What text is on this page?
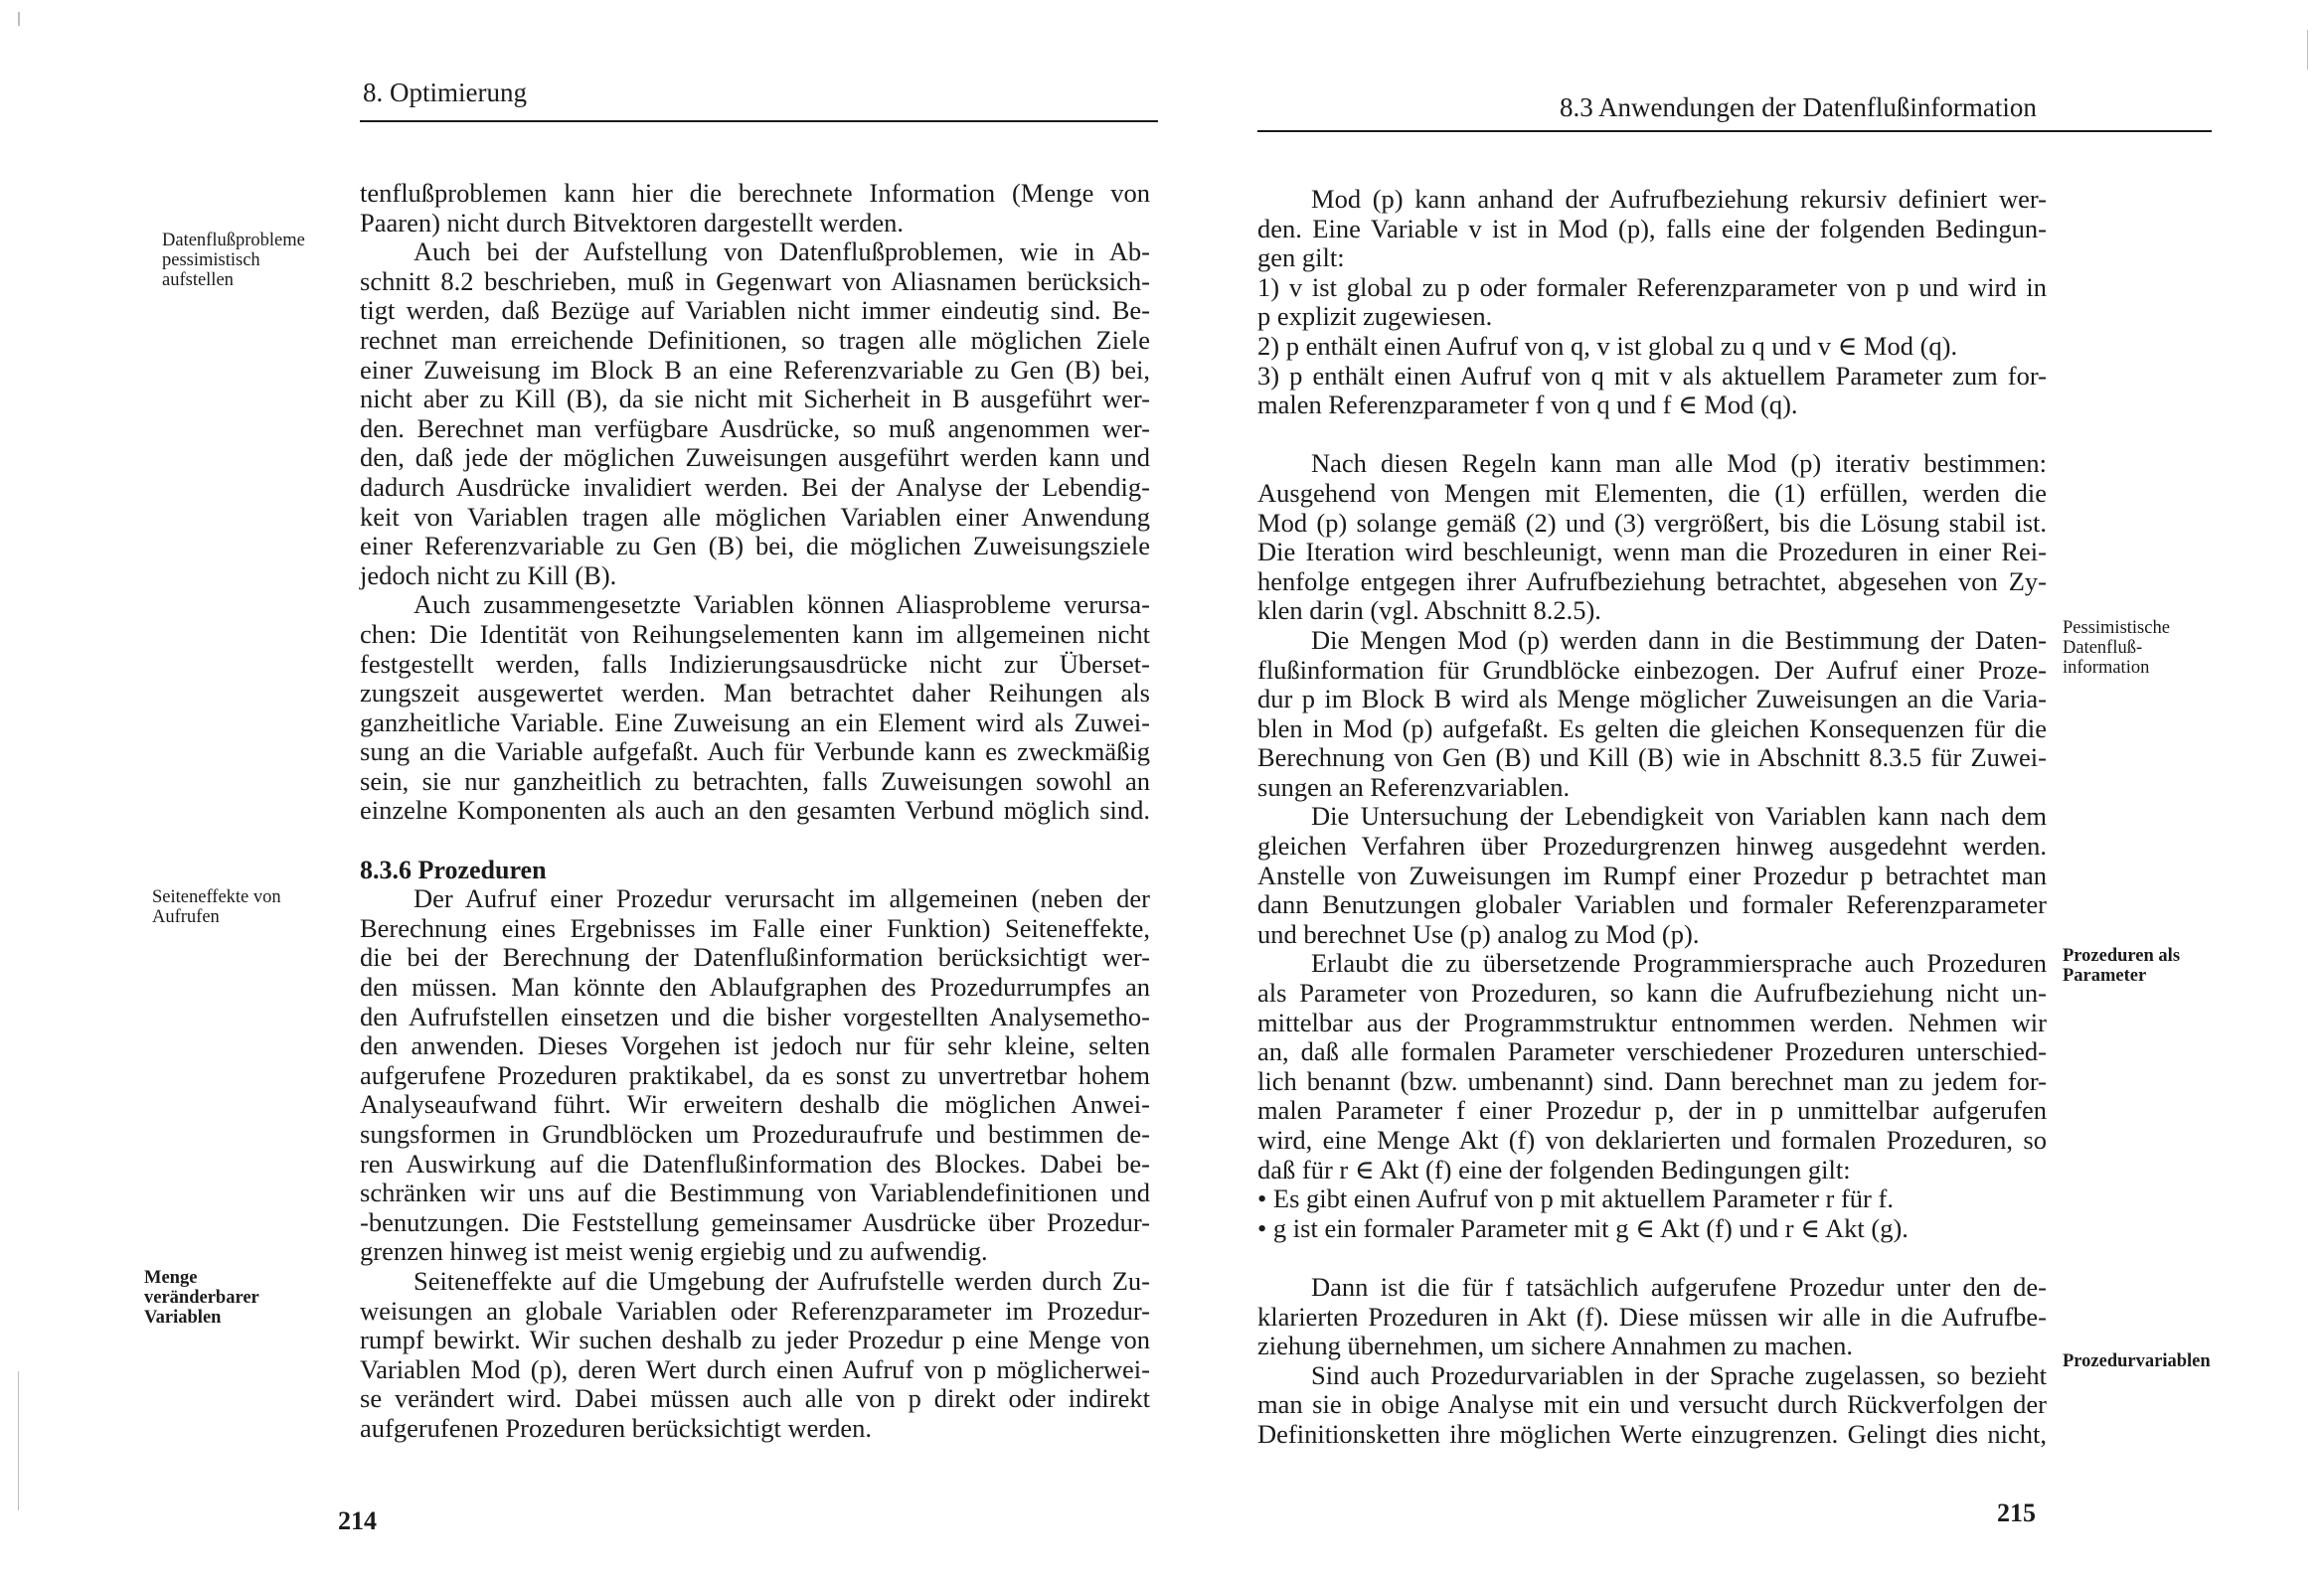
8. Optimierung
Datenflußprobleme
pessimistisch
aufstellen
Seiteneffekte von
Aufrufen
Menge
veränderbarer
Variablen
tenflußproblemen kann hier die berechnete Information (Menge von
Paaren) nicht durch Bitvektoren dargestellt werden.
Auch bei der Aufstellung von Datenflußproblemen, wie in Ab-
schnitt 8.2 beschrieben, muß in Gegenwart von Aliasnamen berücksich-
tigt werden, daß Bezüge auf Variablen nicht immer eindeutig sind. Be-
rechnet man erreichende Definitionen, so tragen alle möglichen Ziele
einer Zuweisung im Block B an eine Referenzvariable zu Gen (B) bei,
nicht aber zu Kill (B), da sie nicht mit Sicherheit in B ausgeführt wer-
den. Berechnet man verfügbare Ausdrücke, so muß angenommen wer-
den, daß jede der möglichen Zuweisungen ausgeführt werden kann und
dadurch Ausdrücke invalidiert werden. Bei der Analyse der Lebendig-
keit von Variablen tragen alle möglichen Variablen einer Anwendung
einer Referenzvariable zu Gen (B) bei, die möglichen Zuweisungsziele
jedoch nicht zu Kill (B).
Auch zusammengesetzte Variablen können Aliasprobleme verursa-
chen: Die Identität von Reihungselementen kann im allgemeinen nicht
festgestellt werden, falls Indizierungsausdrücke nicht zur Überset-
zungszeit ausgewertet werden. Man betrachtet daher Reihungen als
ganzheitliche Variable. Eine Zuweisung an ein Element wird als Zuwei-
sung an die Variable aufgefaßt. Auch für Verbunde kann es zweckmäßig
sein, sie nur ganzheitlich zu betrachten, falls Zuweisungen sowohl an
einzelne Komponenten als auch an den gesamten Verbund möglich sind.
8.3.6 Prozeduren
Der Aufruf einer Prozedur verursacht im allgemeinen (neben der
Berechnung eines Ergebnisses im Falle einer Funktion) Seiteneffekte,
die bei der Berechnung der Datenflußinformation berücksichtigt wer-
den müssen. Man könnte den Ablaufgraphen des Prozedurrumpfes an
den Aufrufstellen einsetzen und die bisher vorgestellten Analysemetho-
den anwenden. Dieses Vorgehen ist jedoch nur für sehr kleine, selten
aufgerufene Prozeduren praktikabel, da es sonst zu unvertretbar hohem
Analyseaufwand führt. Wir erweitern deshalb die möglichen Anwei-
sungsformen in Grundblöcken um Prozeduraufrufe und bestimmen de-
ren Auswirkung auf die Datenflußinformation des Blockes. Dabei be-
schränken wir uns auf die Bestimmung von Variablendefinitionen und
-benutzungen. Die Feststellung gemeinsamer Ausdrücke über Prozedur-
grenzen hinweg ist meist wenig ergiebig und zu aufwendig.
Seiteneffekte auf die Umgebung der Aufrufstelle werden durch Zu-
weisungen an globale Variablen oder Referenzparameter im Prozedur-
rumpf bewirkt. Wir suchen deshalb zu jeder Prozedur p eine Menge von
Variablen Mod (p), deren Wert durch einen Aufruf von p möglicherwei-
se verändert wird. Dabei müssen auch alle von p direkt oder indirekt
aufgerufenen Prozeduren berücksichtigt werden.
214
8.3 Anwendungen der Datenflußinformation
Pessimistische
Datenfluß-
information
Prozeduren als
Parameter
Prozedurvariablen
Mod (p) kann anhand der Aufrufbeziehung rekursiv definiert wer-
den. Eine Variable v ist in Mod (p), falls eine der folgenden Bedingun-
gen gilt:
1) v ist global zu p oder formaler Referenzparameter von p und wird in
p explizit zugewiesen.
2) p enthält einen Aufruf von q, v ist global zu q und v ∈ Mod (q).
3) p enthält einen Aufruf von q mit v als aktuellem Parameter zum for-
malen Referenzparameter f von q und f ∈ Mod (q).
Nach diesen Regeln kann man alle Mod (p) iterativ bestimmen:
Ausgehend von Mengen mit Elementen, die (1) erfüllen, werden die
Mod (p) solange gemäß (2) und (3) vergrößert, bis die Lösung stabil ist.
Die Iteration wird beschleunigt, wenn man die Prozeduren in einer Rei-
henfolge entgegen ihrer Aufrufbeziehung betrachtet, abgesehen von Zy-
klen darin (vgl. Abschnitt 8.2.5).
Die Mengen Mod (p) werden dann in die Bestimmung der Daten-
flußinformation für Grundblöcke einbezogen. Der Aufruf einer Proze-
dur p im Block B wird als Menge möglicher Zuweisungen an die Varia-
blen in Mod (p) aufgefaßt. Es gelten die gleichen Konsequenzen für die
Berechnung von Gen (B) und Kill (B) wie in Abschnitt 8.3.5 für Zuwei-
sungen an Referenzvariablen.
Die Untersuchung der Lebendigkeit von Variablen kann nach dem
gleichen Verfahren über Prozedurgrenzen hinweg ausgedehnt werden.
Anstelle von Zuweisungen im Rumpf einer Prozedur p betrachtet man
dann Benutzungen globaler Variablen und formaler Referenzparameter
und berechnet Use (p) analog zu Mod (p).
Erlaubt die zu übersetzende Programmiersprache auch Prozeduren
als Parameter von Prozeduren, so kann die Aufrufbeziehung nicht un-
mittelbar aus der Programmstruktur entnommen werden. Nehmen wir
an, daß alle formalen Parameter verschiedener Prozeduren unterschied-
lich benannt (bzw. umbenannt) sind. Dann berechnet man zu jedem for-
malen Parameter f einer Prozedur p, der in p unmittelbar aufgerufen
wird, eine Menge Akt (f) von deklarierten und formalen Prozeduren, so
daß für r ∈ Akt (f) eine der folgenden Bedingungen gilt:
• Es gibt einen Aufruf von p mit aktuellem Parameter r für f.
• g ist ein formaler Parameter mit g ∈ Akt (f) und r ∈ Akt (g).
Dann ist die für f tatsächlich aufgerufene Prozedur unter den de-
klarierten Prozeduren in Akt (f). Diese müssen wir alle in die Aufrufbe-
ziehung übernehmen, um sichere Annahmen zu machen.
Sind auch Prozedurvariablen in der Sprache zugelassen, so bezieht
man sie in obige Analyse mit ein und versucht durch Rückverfolgen der
Definitionsketten ihre möglichen Werte einzugrenzen. Gelingt dies nicht,
215
